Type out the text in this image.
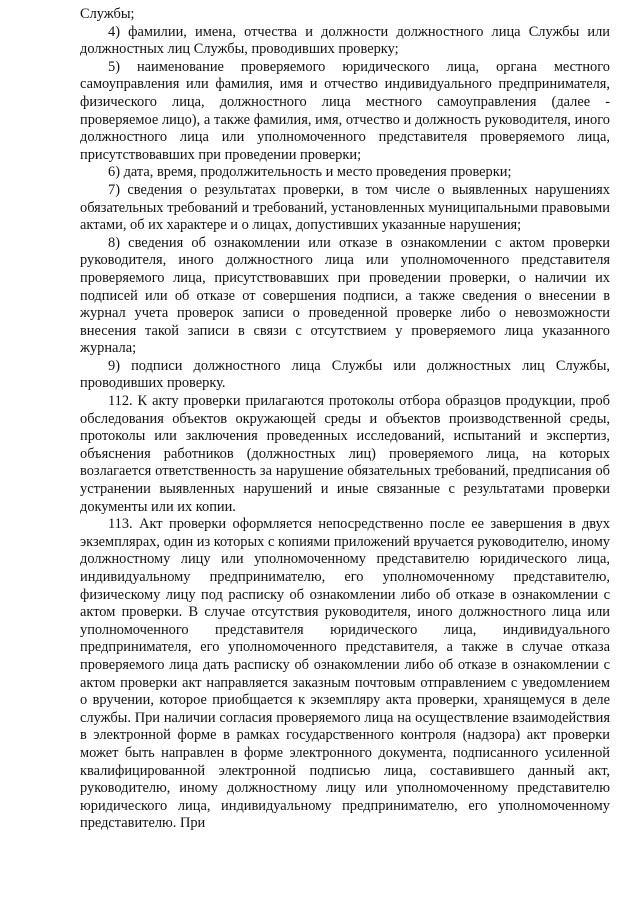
Службы;

4) фамилии, имена, отчества и должности должностного лица Службы или должностных лиц Службы, проводивших проверку;

5) наименование проверяемого юридического лица, органа местного самоуправления или фамилия, имя и отчество индивидуального предпринимателя, физического лица, должностного лица местного самоуправления (далее - проверяемое лицо), а также фамилия, имя, отчество и должность руководителя, иного должностного лица или уполномоченного представителя проверяемого лица, присутствовавших при проведении проверки;

6) дата, время, продолжительность и место проведения проверки;

7) сведения о результатах проверки, в том числе о выявленных нарушениях обязательных требований и требований, установленных муниципальными правовыми актами, об их характере и о лицах, допустивших указанные нарушения;

8) сведения об ознакомлении или отказе в ознакомлении с актом проверки руководителя, иного должностного лица или уполномоченного представителя проверяемого лица, присутствовавших при проведении проверки, о наличии их подписей или об отказе от совершения подписи, а также сведения о внесении в журнал учета проверок записи о проведенной проверке либо о невозможности внесения такой записи в связи с отсутствием у проверяемого лица указанного журнала;

9) подписи должностного лица Службы или должностных лиц Службы, проводивших проверку.

112. К акту проверки прилагаются протоколы отбора образцов продукции, проб обследования объектов окружающей среды и объектов производственной среды, протоколы или заключения проведенных исследований, испытаний и экспертиз, объяснения работников (должностных лиц) проверяемого лица, на которых возлагается ответственность за нарушение обязательных требований, предписания об устранении выявленных нарушений и иные связанные с результатами проверки документы или их копии.

113. Акт проверки оформляется непосредственно после ее завершения в двух экземплярах, один из которых с копиями приложений вручается руководителю, иному должностному лицу или уполномоченному представителю юридического лица, индивидуальному предпринимателю, его уполномоченному представителю, физическому лицу под расписку об ознакомлении либо об отказе в ознакомлении с актом проверки. В случае отсутствия руководителя, иного должностного лица или уполномоченного представителя юридического лица, индивидуального предпринимателя, его уполномоченного представителя, а также в случае отказа проверяемого лица дать расписку об ознакомлении либо об отказе в ознакомлении с актом проверки акт направляется заказным почтовым отправлением с уведомлением о вручении, которое приобщается к экземпляру акта проверки, хранящемуся в деле службы. При наличии согласия проверяемого лица на осуществление взаимодействия в электронной форме в рамках государственного контроля (надзора) акт проверки может быть направлен в форме электронного документа, подписанного усиленной квалифицированной электронной подписью лица, составившего данный акт, руководителю, иному должностному лицу или уполномоченному представителю юридического лица, индивидуальному предпринимателю, его уполномоченному представителю. При
